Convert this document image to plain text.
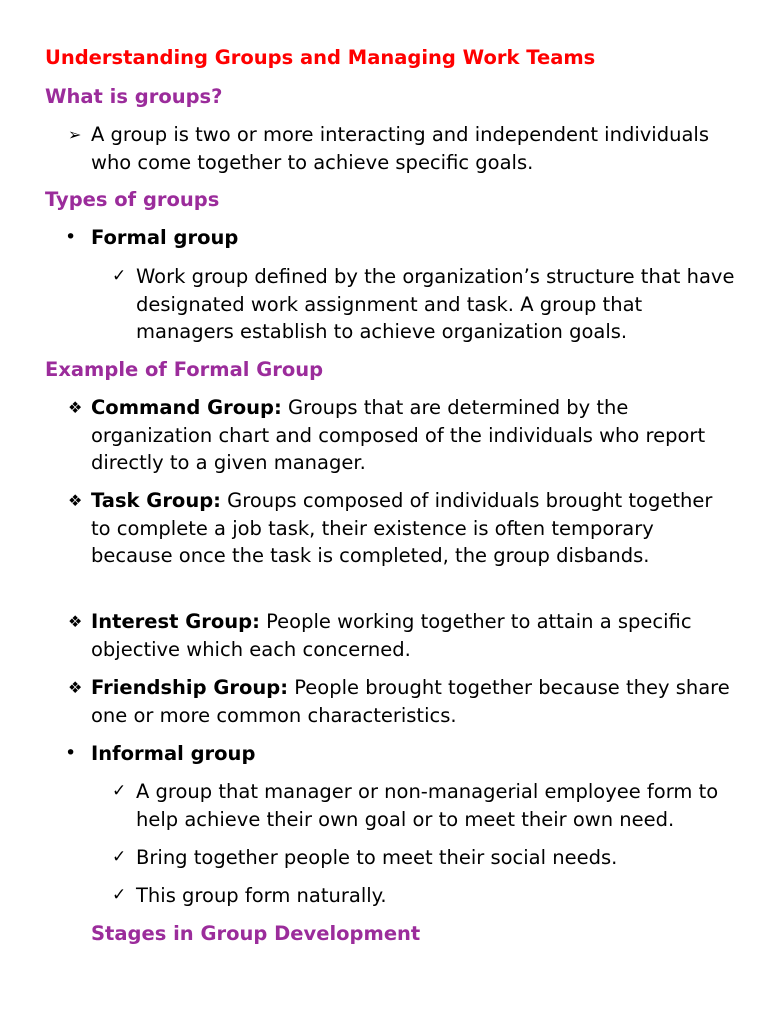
Understanding Groups and Managing Work Teams
What is groups?
➢ A group is two or more interacting and independent individuals who come together to achieve specific goals.

Types of groups
• Formal group

✓ Work group defined by the organization’s structure that have designated work assignment and task. A group that managers establish to achieve organization goals.

Example of Formal Group
❖ Command Group: Groups that are determined by the organization chart and composed of the individuals who report directly to a given manager.

❖ Task Group: Groups composed of individuals brought together to complete a job task, their existence is often temporary because once the task is completed, the group disbands.

❖ Interest Group: People working together to attain a specific objective which each concerned.

❖ Friendship Group: People brought together because they share one or more common characteristics.

• Informal group

✓ A group that manager or non-managerial employee form to help achieve their own goal or to meet their own need.

✓ Bring together people to meet their social needs.

✓ This group form naturally.

Stages in Group Development
